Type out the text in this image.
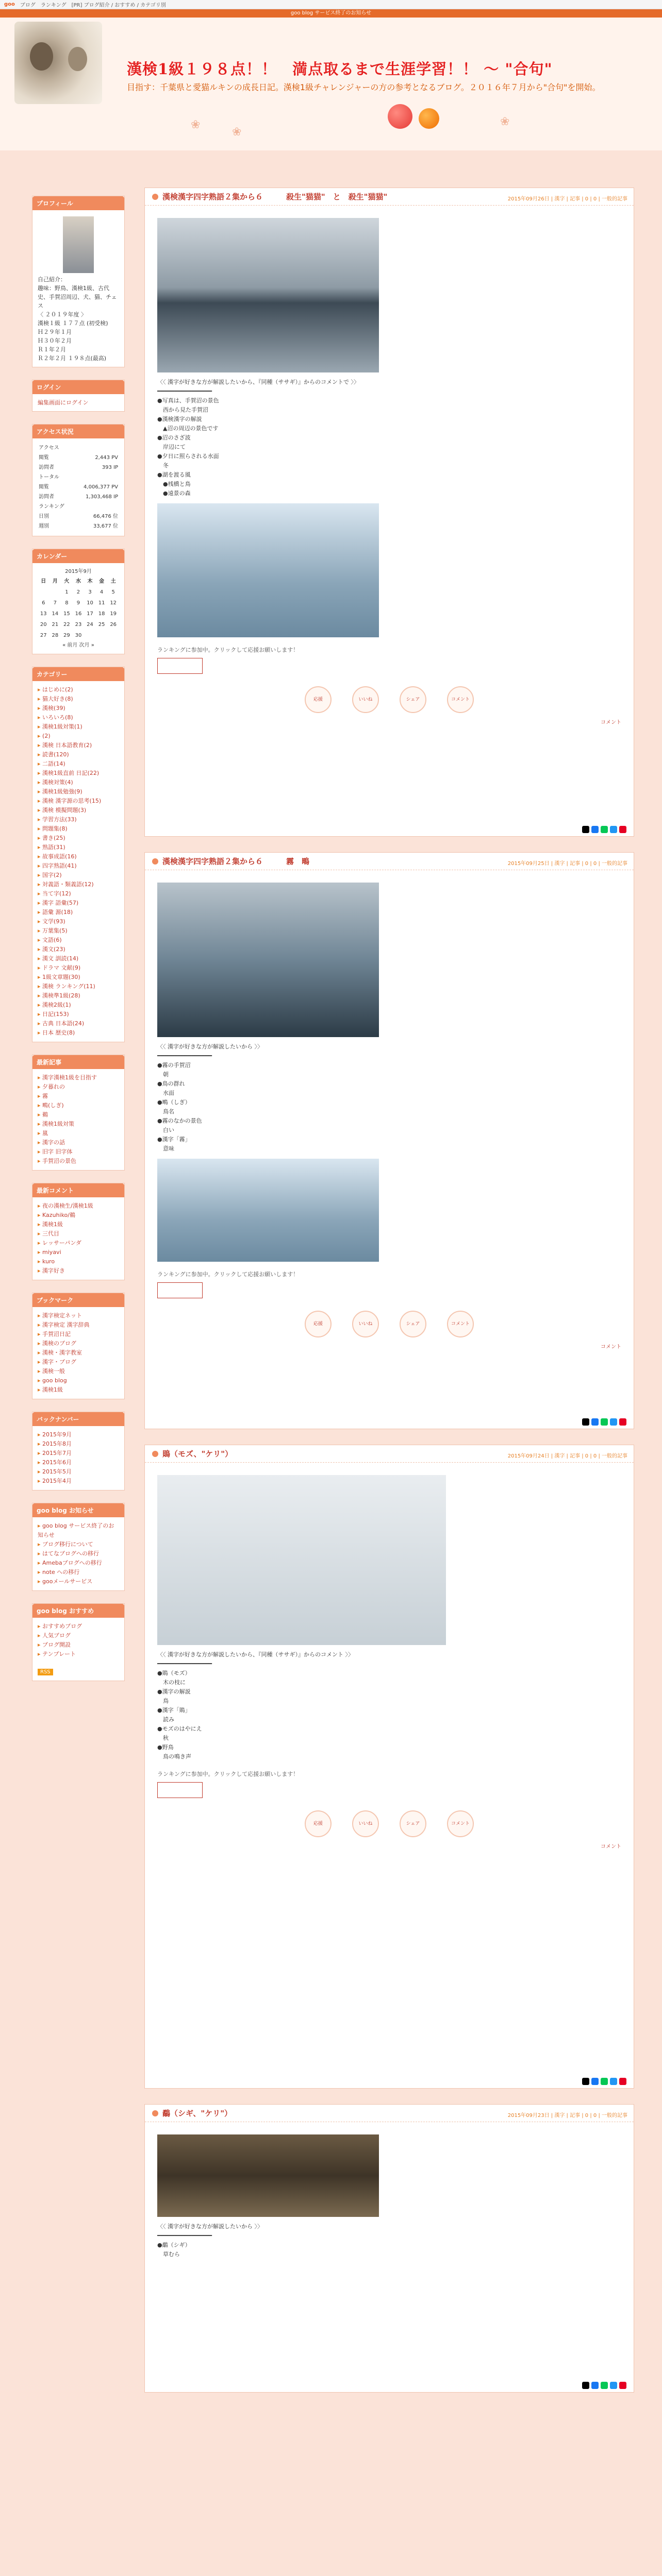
goo ブログ ランキング [PR] ブログ紹介 / おすすめ / カテゴリ別
goo blog サービス終了のお知らせ
漢検1級１９８点！！　満点取るまで生涯学習！！ ～ "合句"
目指す：千葉県と愛猫ルキンの成長日記。漢検1級チャレンジャーの方の参考となるブログ。２０１６年７月から"合句"を開始。
❀
❀
❀
プロフィール
自己紹介：
趣味：野鳥、漢検1級、古代史、手賀沼周辺、犬、猫、チェス
〈 ２０１９年度 〉
漢検１級 １７７点 (初受検)
Ｈ２９年１月
Ｈ３０年２月
Ｒ１年２月
Ｒ２年２月 １９８点(最高)
ログイン
編集画面にログイン
アクセス状況
アクセス	
閲覧	2,443 PV
訪問者	393 IP
トータル	
閲覧	4,006,377 PV
訪問者	1,303,468 IP
ランキング	
日別	66,476 位
週別	33,677 位
カレンダー
2015年9月
日	月	火	水	木	金	土
		1	2	3	4	5
6	7	8	9	10	11	12
13	14	15	16	17	18	19
20	21	22	23	24	25	26
27	28	29	30			
« 前月 次月 »
カテゴリー
▸ はじめに(2)
▸ 猫大好き(8)
▸ 漢検(39)
▸ いろいろ(8)
▸ 漢検1級対策(1)
▸ (2)
▸ 漢検 日本語教育(2)
▸ 読書(120)
▸ 二語(14)
▸ 漢検1級直前 日記(22)
▸ 漢検対策(4)
▸ 漢検1級勉強(9)
▸ 漢検 漢字源の思考(15)
▸ 漢検 模擬問題(3)
▸ 学習方法(33)
▸ 問題集(8)
▸ 書き(25)
▸ 熟語(31)
▸ 故事成語(16)
▸ 四字熟語(41)
▸ 国字(2)
▸ 対義語・類義語(12)
▸ 当て字(12)
▸ 漢字 語彙(57)
▸ 語彙 源(18)
▸ 文学(93)
▸ 万葉集(5)
▸ 文語(6)
▸ 漢文(23)
▸ 漢文 訓読(14)
▸ ドラマ 文献(9)
▸ 1級文章題(30)
▸ 漢検 ランキング(11)
▸ 漢検準1級(28)
▸ 漢検2級(1)
▸ 日記(153)
▸ 古典 日本語(24)
▸ 日本 歴史(8)
最新記事
▸ 漢字漢検1級を目指す
▸ 夕暮れの
▸ 霧
▸ 鴫(しぎ)
▸ 鵜
▸ 漢検1級対策
▸ 嵐
▸ 漢字の話
▸ 旧字 旧字体
▸ 手賀沼の景色
最新コメント
▸ 夜の漢検生/漢検1級
▸ Kazuhiko/鵜
▸ 漢検1級
▸ 三代目
▸ レッサーパンダ
▸ miyavi
▸ kuro
▸ 漢字好き
ブックマーク
▸ 漢字検定ネット
▸ 漢字検定 漢字辞典
▸ 手賀沼日記
▸ 漢検のブログ
▸ 漢検・漢字教室
▸ 漢字・ブログ
▸ 漢検一般
▸ goo blog
▸ 漢検1級
バックナンバー
▸ 2015年9月
▸ 2015年8月
▸ 2015年7月
▸ 2015年6月
▸ 2015年5月
▸ 2015年4月
goo blog お知らせ
▸ goo blog サービス終了のお知らせ
▸ ブログ移行について
▸ はてなブログへの移行
▸ Amebaブログへの移行
▸ note への移行
▸ gooメールサービス
goo blog おすすめ
▸ おすすめブログ
▸ 人気ブログ
▸ ブログ開設
▸ テンプレート
RSS
漢検漢字四字熟語２集から６　　　殺生"猫猫"　と　殺生"猫猫"	2015年09月26日 | 漢字 | 記事 | 0 | 0 | 一般的記事
〈〈 漢字が好きな方が解説したいから、『同種（ササギ）』からのコメントで 〉〉
━━━━━━━━━━━━━━━━
●写真は、手賀沼の景色
　西から見た手賀沼
●漢検漢字の解説
　▲沼の周辺の景色です
●沼のさざ波
　岸辺にて
●夕日に照らされる水面
　冬
●湖を渡る風
　●桟橋と鳥
　●遠景の森
ランキングに参加中。クリックして応援お願いします！
応援	いいね	シェア	コメント
コメント
漢検漢字四字熟語２集から６　　　霧　鴫	2015年09月25日 | 漢字 | 記事 | 0 | 0 | 一般的記事
〈〈 漢字が好きな方が解説したいから 〉〉
━━━━━━━━━━━━━━━━
●霧の手賀沼
　朝
●鳥の群れ
　水面
●鴫（しぎ）
　鳥名
●霧のなかの景色
　白い
●漢字「霧」
　意味
ランキングに参加中。クリックして応援お願いします！
応援	いいね	シェア	コメント
コメント
鵙（モズ、"ケリ"）	2015年09月24日 | 漢字 | 記事 | 0 | 0 | 一般的記事
〈〈 漢字が好きな方が解説したいから、『同種（ササギ）』からのコメント 〉〉
━━━━━━━━━━━━━━━━
●鵙（モズ）
　木の枝に
●漢字の解説
　鳥
●漢字「鵙」
　読み
●モズのはやにえ
　秋
●野鳥
　鳥の鳴き声
ランキングに参加中。クリックして応援お願いします！
応援	いいね	シェア	コメント
コメント
鷸（シギ、"ケリ"）	2015年09月23日 | 漢字 | 記事 | 0 | 0 | 一般的記事
〈〈 漢字が好きな方が解説したいから 〉〉
━━━━━━━━━━━━━━━━
●鷸（シギ）
　草むら
